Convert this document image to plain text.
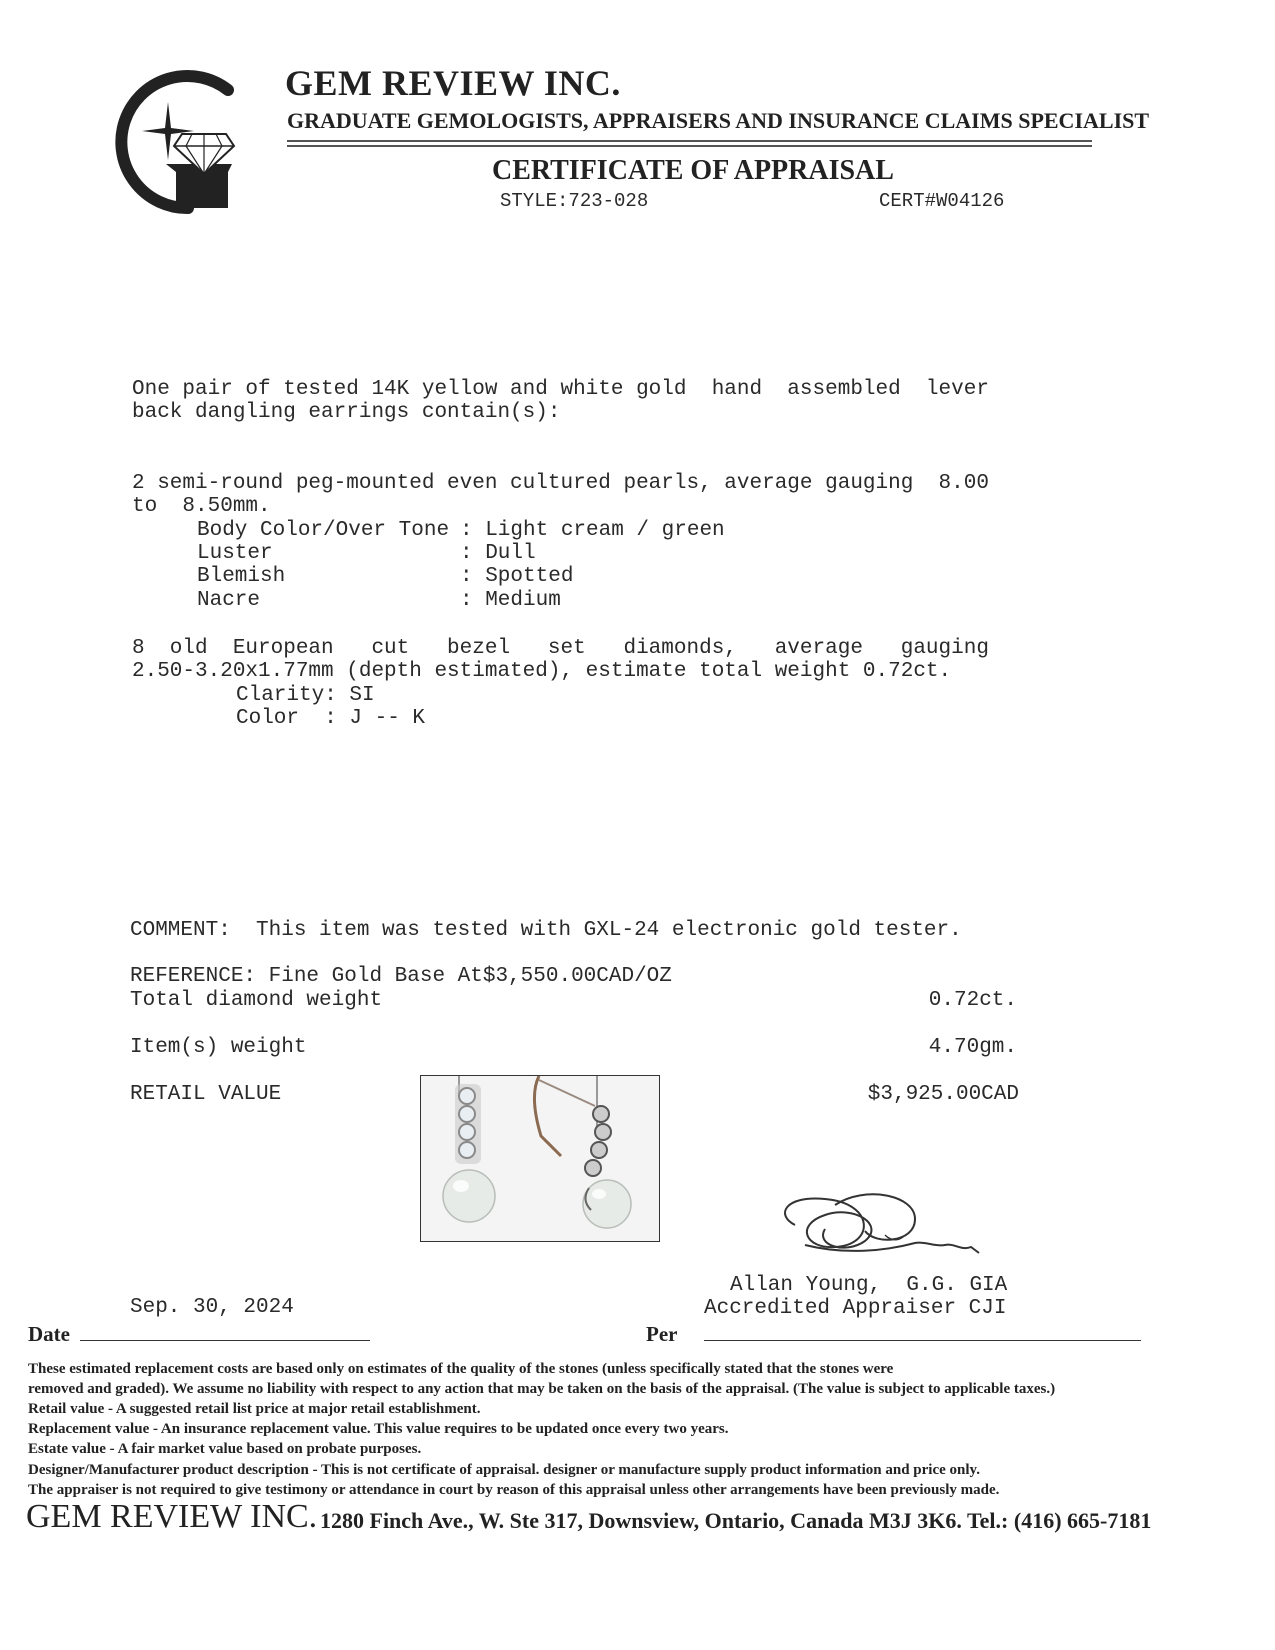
GEM REVIEW INC.
GRADUATE GEMOLOGISTS, APPRAISERS AND INSURANCE CLAIMS SPECIALIST
CERTIFICATE OF APPRAISAL
STYLE:723-028	CERT#W04126
One pair of tested 14K yellow and white gold  hand  assembled  lever
back dangling earrings contain(s):
2 semi-round peg-mounted even cultured pearls, average gauging  8.00
to  8.50mm.
Body Color/Over Tone : Light cream / green
Luster	: Dull
Blemish	: Spotted
Nacre	: Medium
8  old  European   cut   bezel   set   diamonds,   average   gauging
2.50-3.20x1.77mm (depth estimated), estimate total weight 0.72ct.
Clarity: SI
Color  : J -- K
COMMENT:  This item was tested with GXL-24 electronic gold tester.
REFERENCE: Fine Gold Base At$3,550.00CAD/OZ
Total diamond weight	0.72ct.
Item(s) weight	4.70gm.
RETAIL VALUE	$3,925.00CAD
Allan Young,  G.G. GIA
Accredited Appraiser CJI
Sep. 30, 2024
Date	Per
These estimated replacement costs are based only on estimates of the quality of the stones (unless specifically stated that the stones were
removed and graded). We assume no liability with respect to any action that may be taken on the basis of the appraisal. (The value is subject to applicable taxes.)
Retail value - A suggested retail list price at major retail establishment.
Replacement value - An insurance replacement value. This value requires to be updated once every two years.
Estate value - A fair market value based on probate purposes.
Designer/Manufacturer product description - This is not certificate of appraisal. designer or manufacture supply product information and price only.
The appraiser is not required to give testimony or attendance in court by reason of this appraisal unless other arrangements have been previously made.
GEM REVIEW INC. 1280 Finch Ave., W. Ste 317, Downsview, Ontario, Canada M3J 3K6. Tel.: (416) 665-7181
